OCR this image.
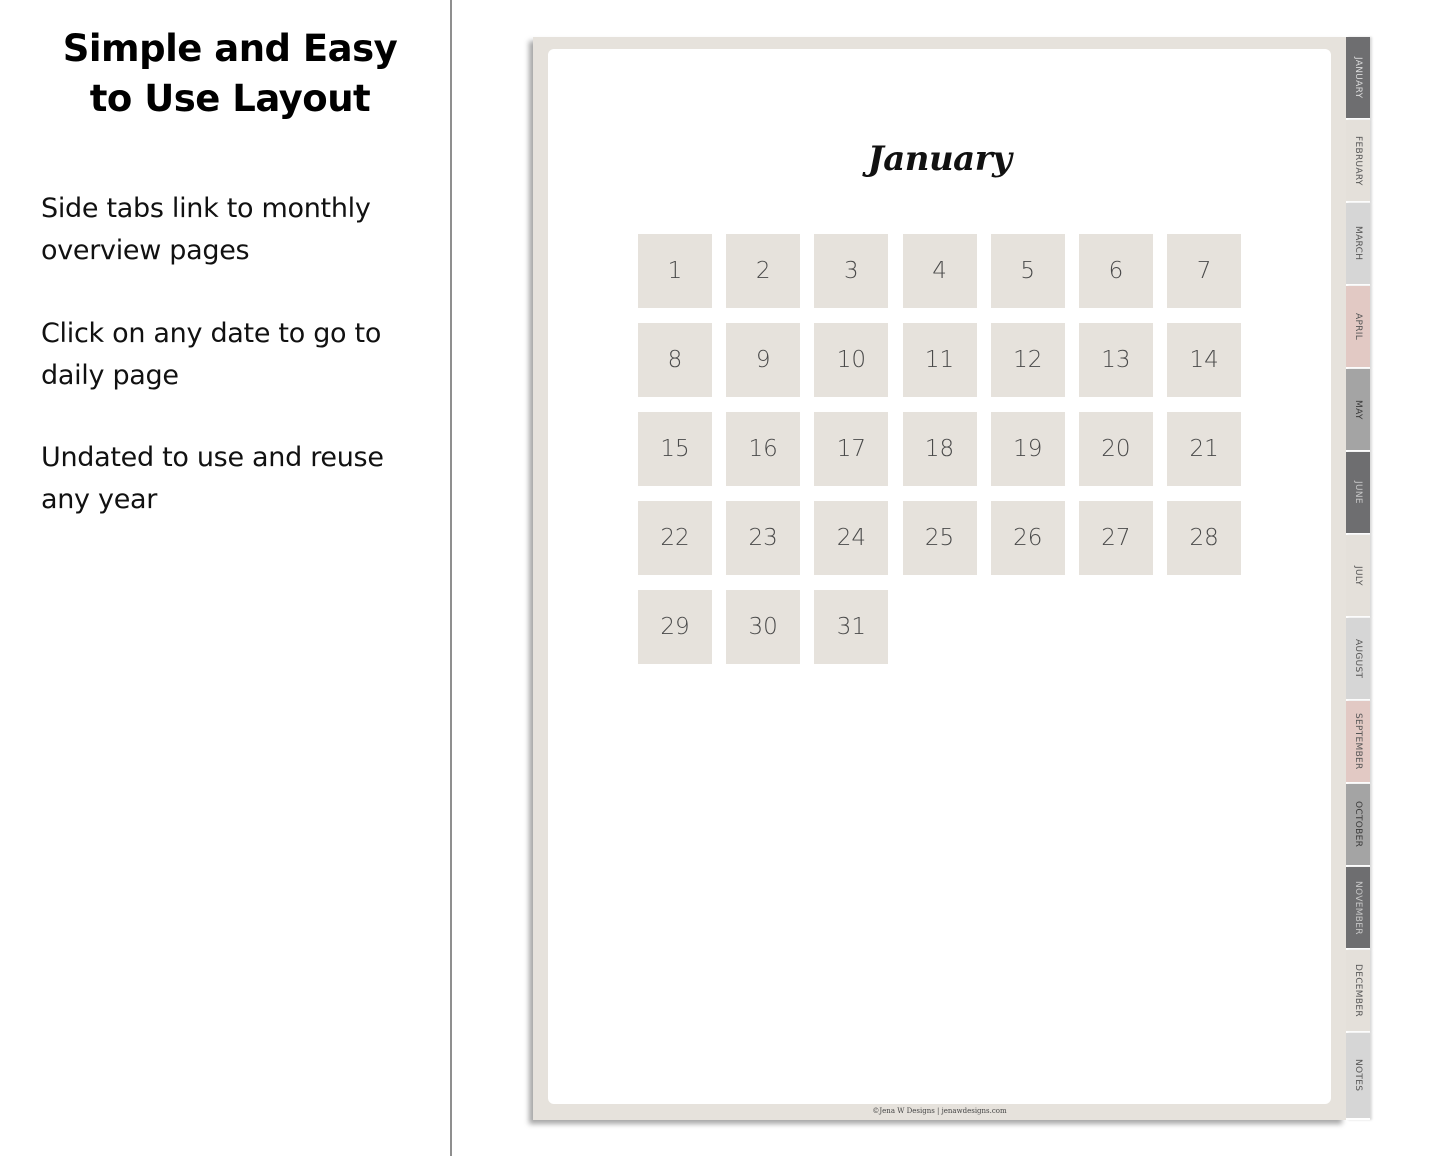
Simple and Easy
to Use Layout

Side tabs link to monthly overview pages

Click on any date to go to daily page

Undated to use and reuse any year

January
1	2	3	4	5	6	7
8	9	10	11	12	13	14
15	16	17	18	19	20	21
22	23	24	25	26	27	28
29	30	31
©Jena W Designs | jenawdesigns.com
JANUARY
FEBRUARY
MARCH
APRIL
MAY
JUNE
JULY
AUGUST
SEPTEMBER
OCTOBER
NOVEMBER
DECEMBER
NOTES
